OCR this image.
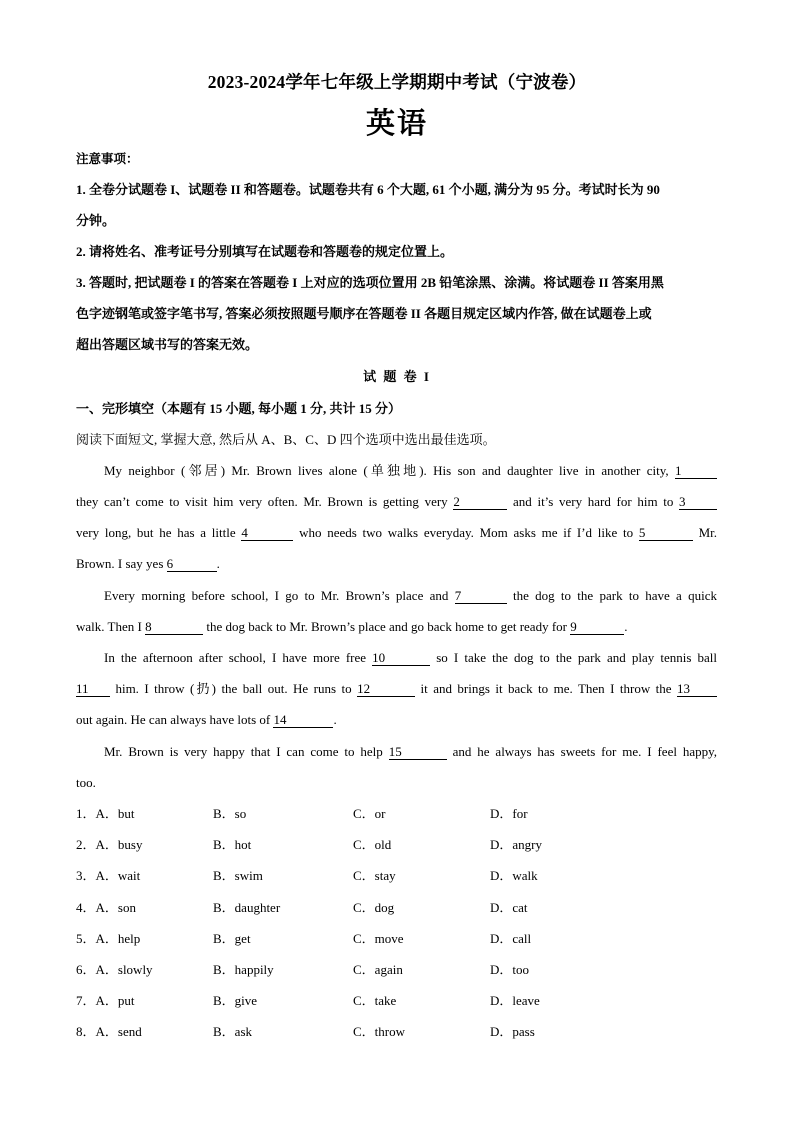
2023-2024学年七年级上学期期中考试（宁波卷）
英语
注意事项：
1. 全卷分试题卷 I、试题卷 II 和答题卷。试题卷共有 6 个大题, 61 个小题, 满分为 95 分。考试时长为 90
分钟。
2. 请将姓名、准考证号分别填写在试题卷和答题卷的规定位置上。
3. 答题时, 把试题卷 I 的答案在答题卷 I 上对应的选项位置用 2B 铅笔涂黑、涂满。将试题卷 II 答案用黑
色字迹钢笔或签字笔书写, 答案必须按照题号顺序在答题卷 II 各题目规定区域内作答, 做在试题卷上或
超出答题区域书写的答案无效。
试 题 卷 I
一、完形填空（本题有 15 小题, 每小题 1 分, 共计 15 分）
阅读下面短文, 掌握大意, 然后从 A、B、C、D 四个选项中选出最佳选项。
My neighbor (邻居) Mr. Brown lives alone (单独地). His son and daughter live in another city, 1
they can’t come to visit him very often. Mr. Brown is getting very 2	and it’s very hard for him to 3
very long, but he has a little 4	who needs two walks everyday. Mom asks me if I’d like to 5	Mr.
Brown. I say yes 6	.
Every morning before school, I go to Mr. Brown’s place and 7	the dog to the park to have a quick
walk. Then I 8	the dog back to Mr. Brown’s place and go back home to get ready for 9	.
In the afternoon after school, I have more free 10	so I take the dog to the park and play tennis ball
11 him. I throw (扔) the ball out. He runs to 12	it and brings it back to me. Then I throw the 13
out again. He can always have lots of 14	.
Mr. Brown is very happy that I can come to help 15	and he always has sweets for me. I feel happy,
too.
1．A．but	B．so	C．or	D．for
2．A．busy	B．hot	C．old	D．angry
3．A．wait	B．swim	C．stay	D．walk
4．A．son	B．daughter	C．dog	D．cat
5．A．help	B．get	C．move	D．call
6．A．slowly	B．happily	C．again	D．too
7．A．put	B．give	C．take	D．leave
8．A．send	B．ask	C．throw	D．pass
